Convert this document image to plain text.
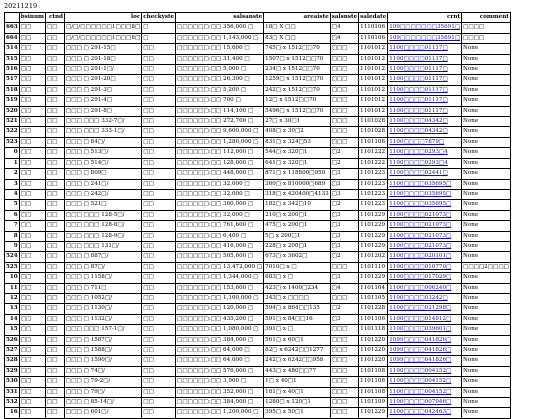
20211219
	bsinum	ctnd	loc	checkyste	salsanste	areaiste	salsnste	saledate	crnt	comment
663	□□	□□	□/□/□□□□□□1□□□8□	□	□□□□□□:□□ 356,000 □	18□ X □□	□4	1110106	109□□□□□□□35691□	□□□□
664	□□	□□	□/□/□□□□□□1□□□8□	□	□□□□□□:□□ 1,143,000 □	83□ X □□	□4	1110106	109□□□□□□□35691□	□□□□
514	□□	□□	□□□ □ 291-15□	□□	□□□□□□:□□ 15,600 □	745□ x 1512□□70	□□□	1101012	1100□□□□01117□	None
515	□□	□□	□□□ □ 291-18□	□□	□□□□□□:□□ 31,400 □	1507□ x 1512□□70	□□□	1101012	1100□□□□01117□	None
516	□□	□□	□□□ □ 291-1□/	□□	□□□□□□:□□ 5,000 □	234□ x 1512□□70	□□□	1101012	1100□□□□01117□	None
517	□□	□□	□□□ □ 291-20□	□□	□□□□□□:□□ 26,300 □	1259□ x 1512□□70	□□□	1101012	1100□□□□01117□	None
518	□□	□□	□□□ □ 291-3□	□□	□□□□□□:□□ 5,200 □	242□ x 1512□□70	□□□	1101012	1100□□□□01117□	None
519	□□	□□	□□□ □ 291-4□	□□	□□□□□□:□□ 700 □	12□ x 1512□□70	□□□	1101012	1100□□□□01117□	None
520	□□	□□	□□□ □ 291-8□	□□	□□□□□□:□□ 114,100 □	5496□ x 1512□□70	□□□	1101012	1100□□□□01117□	None
521	□□	□□	□□□ □□□ 332-7□/	□□	□□□□□□:□□ 272,700 □	27□ x 30□1	□□□	1101028	1100□□□□04342□	None
522	□□	□□	□□□ □□□ 333-1□/	□□	□□□□□□:□□ 9,600,000 □	408□ x 30□2	□□□	1101028	1100□□□□04342□	None
523	□□	□□	□□□ □ 84□/	□□	□□□□□□:□□ 1,280,000 □	831□ x 324□53	□□□	1101108	1100□□□□7879□	None
0	□□	□□	□□□ □ 513□/	□□	□□□□□□:□□ 112,000 □	544□ x 320□1	□2	1101222	1100□□□□0293□4	None
1	□□	□□	□□□ □ 514□/	□□	□□□□□□:□□ 128,000 □	641□ x 320□1	□2	1101222	1100□□□□0293□4	None
2	□□	□□	□□□ □ 809□	□□	□□□□□□:□□ 448,000 □	871□ x 118800□950	□3	1101223	1100□□□□02441□	None
3	□□	□□	□□□ □ 241□/	□□	□□□□□□:□□ 32,000 □	360□ x 810000□689	□3	1101223	1100□□□□035695□	None
4	□□	□□	□□□ □ 242□/	□□	□□□□□□:□□ 32,000 □	318□ x 420400□4133	□3	1101223	1100□□□□035695□	None
5	□□	□□	□□□ □ 521□	□□	□□□□□□:□□ 360,000 □	182□ x 342□10	□2	1101223	1100□□□□035695□	None
6	□□	□□	□□□ □□□ 128-5□/	□□	□□□□□□:□□ 32,000 □	210□ x 200□1	□3	1101229	1100□□□□021073□	None
7	□□	□□	□□□ □□□ 128-8□/	□□	□□□□□□:□□ 761,600 □	475□ x 200□1	□3	1101229	1100□□□□021073□	None
8	□□	□□	□□□ □□□ 128-9□/	□□	□□□□□□:□□ 6,400 □	5□ x 200□1	□3	1101229	1100□□□□021073□	None
9	□□	□□	□□□ □□□ 131□/	□□	□□□□□□:□□ 416,000 □	228□ x 200□1	□3	1101229	1100□□□□021073□	None
524	□□	□□	□□□ □ 887□/	□□	□□□□□□:□□ 505,600 □	673□ x 3602□	□2	1101202	1100□□□□020101□	None
525	□□	□□	□□□ □ 87□/	□□	□□□□□□:□□ 13,472,000 □	7010□ x □	□□□	1101110	1100□□□□010770□	□□□□2□□□□
10	□□	□□	□□□ □ 1158□/	□□	□□□□□□:□□ 1,344,000 □	683□ x □	□3	1101229	1100□□□□017029□	None
11	□□	□□	□□□ □ 711□	□□	□□□□□□:□□ 153,600 □	423□ x 1400□234	□4	1101104	1100□□□□006240□	None
12	□□	□□	□□□ □ 1052□/	□□	□□□□□□:□□ 1,100,000 □	343□ x □□□□	□□□	1101105	1100□□□□03242□	None
13	□□	□□	□□□ □ 1130□/	□□	□□□□□□:□□ 120,000 □	594□ x 864□□135	□2	1101228	1100□□□□021298□	None
14	□□	□□	□□□ □ 1132□/	□□	□□□□□□:□□ 435,200 □	591□ x 84□□16	□3	1101106	1100□□□□014912□	None
15	□□	□□	□□□ □□□ 157-1□/	□□	□□□□□□:□□ 1,080,000 □	391□ x □	□□□	1101118	1100□□□□039601□	None
526	□□	□□	□□□ □ 1587□/	□□	□□□□□□:□□ 384,000 □	561□ x 60□1	□□□	1101220	1099□□□□041826□	None
527	□□	□□	□□□ □ 1588□/	□□	□□□□□□:□□ 64,000 □	82□ x 6242□□1277	□□□	1101220	1099□□□□041826□	None
528	□□	□□	□□□ □ 1590□/	□□	□□□□□□:□□ 64,000 □	242□ x 6242□□958	□□□	1101220	1099□□□□041826□	None
529	□□	□□	□□□ □ 74□/	□□	□□□□□□:□□ 576,000 □	443□ x 480□□77	□□□	1101108	1100□□□□004152□	None
530	□□	□□	□□□ □ 79-2□/	□□	□□□□□□:□□ 3,900 □	1□ x 40□1	□□□	1101108	1100□□□□004152□	None
531	□□	□□	□□□ □ 79□/	□□	□□□□□□:□□ 352,000 □	181□ x 40□1	□□□	1101108	1100□□□□004152□	None
532	□□	□□	□□□ □ 85-14□/	□□	□□□□□□:□□ 384,000 □	1280□ x 120□1	□□□	1101109	1100□□□□007946□	None
16	□□	□□	□□□ □ 601□/	□□	□□□□□□:□□ 1,200,000 □	395□ x 50□1	□□□	1101229	1100□□□□042463□	None
